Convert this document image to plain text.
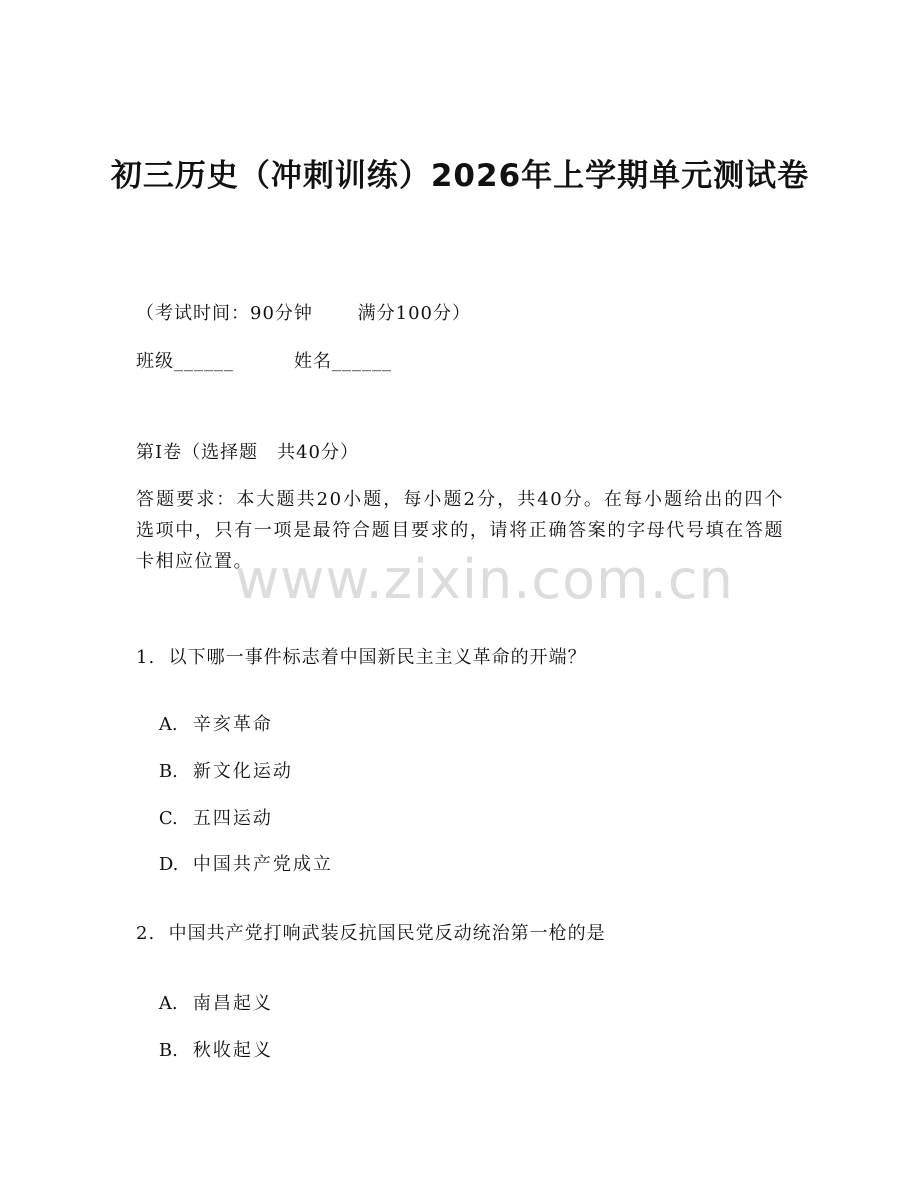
初三历史（冲刺训练）2026年上学期单元测试卷
（考试时间：90分钟　　 满分100分）
班级______	姓名______
第Ⅰ卷（选择题　共40分）
答题要求：本大题共20小题，每小题2分，共40分。在每小题给出的四个选项中，只有一项是最符合题目要求的，请将正确答案的字母代号填在答题卡相应位置。
www.zixin.com.cn
1.  以下哪一事件标志着中国新民主主义革命的开端？

A. 辛亥革命

B. 新文化运动

C. 五四运动

D. 中国共产党成立

2.  中国共产党打响武装反抗国民党反动统治第一枪的是

A. 南昌起义

B. 秋收起义
